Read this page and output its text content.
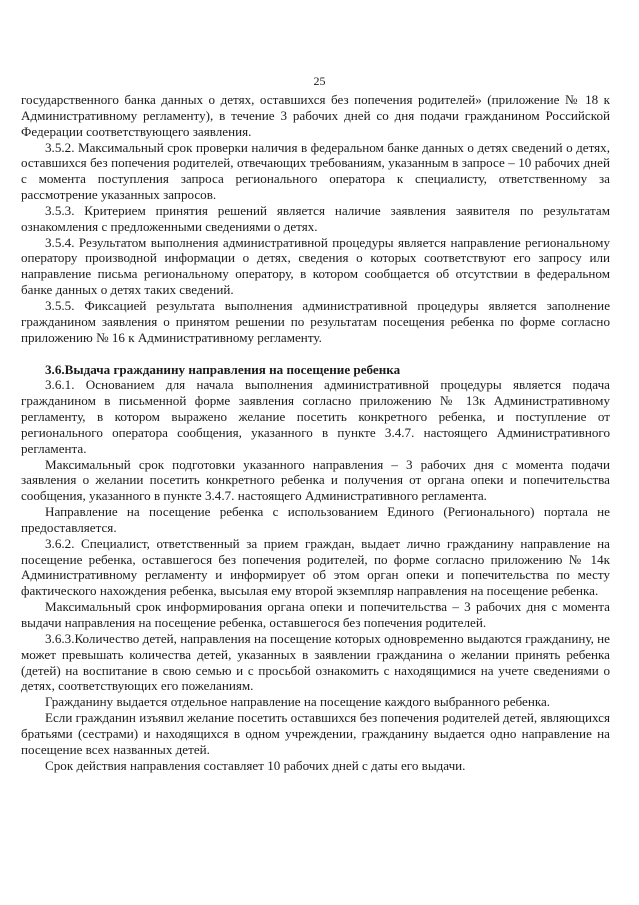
25

государственного банка данных о детях, оставшихся без попечения родителей» (приложение № 18 к Административному регламенту), в течение 3 рабочих дней со дня подачи гражданином Российской Федерации соответствующего заявления.

3.5.2. Максимальный срок проверки наличия в федеральном банке данных о детях сведений о детях, оставшихся без попечения родителей, отвечающих требованиям, указанным в запросе – 10 рабочих дней с момента поступления запроса регионального оператора к специалисту, ответственному за рассмотрение указанных запросов.

3.5.3. Критерием принятия решений является наличие заявления заявителя по результатам ознакомления с предложенными сведениями о детях.

3.5.4. Результатом выполнения административной процедуры является направление региональному оператору производной информации о детях, сведения о которых соответствуют его запросу или направление письма региональному оператору, в котором сообщается об отсутствии в федеральном банке данных о детях таких сведений.

3.5.5. Фиксацией результата выполнения административной процедуры является заполнение гражданином заявления о принятом решении по результатам посещения ребенка по форме согласно приложению № 16 к Административному регламенту.

3.6.Выдача гражданину направления на посещение ребенка

3.6.1. Основанием для начала выполнения административной процедуры является подача гражданином в письменной форме заявления согласно приложению № 13к Административному регламенту, в котором выражено желание посетить конкретного ребенка, и поступление от регионального оператора сообщения, указанного в пункте 3.4.7. настоящего Административного регламента.

Максимальный срок подготовки указанного направления – 3 рабочих дня с момента подачи заявления о желании посетить конкретного ребенка и получения от органа опеки и попечительства сообщения, указанного в пункте 3.4.7. настоящего Административного регламента.

Направление на посещение ребенка с использованием Единого (Регионального) портала не предоставляется.

3.6.2. Специалист, ответственный за прием граждан, выдает лично гражданину направление на посещение ребенка, оставшегося без попечения родителей, по форме согласно приложению № 14к Административному регламенту и информирует об этом орган опеки и попечительства по месту фактического нахождения ребенка, высылая ему второй экземпляр направления на посещение ребенка.

Максимальный срок информирования органа опеки и попечительства – 3 рабочих дня с момента выдачи направления на посещение ребенка, оставшегося без попечения родителей.

3.6.3.Количество детей, направления на посещение которых одновременно выдаются гражданину, не может превышать количества детей, указанных в заявлении гражданина о желании принять ребенка (детей) на воспитание в свою семью и с просьбой ознакомить с находящимися на учете сведениями о детях, соответствующих его пожеланиям.

Гражданину выдается отдельное направление на посещение каждого выбранного ребенка.

Если гражданин изъявил желание посетить оставшихся без попечения родителей детей, являющихся братьями (сестрами) и находящихся в одном учреждении, гражданину выдается одно направление на посещение всех названных детей.

Срок действия направления составляет 10 рабочих дней с даты его выдачи.
